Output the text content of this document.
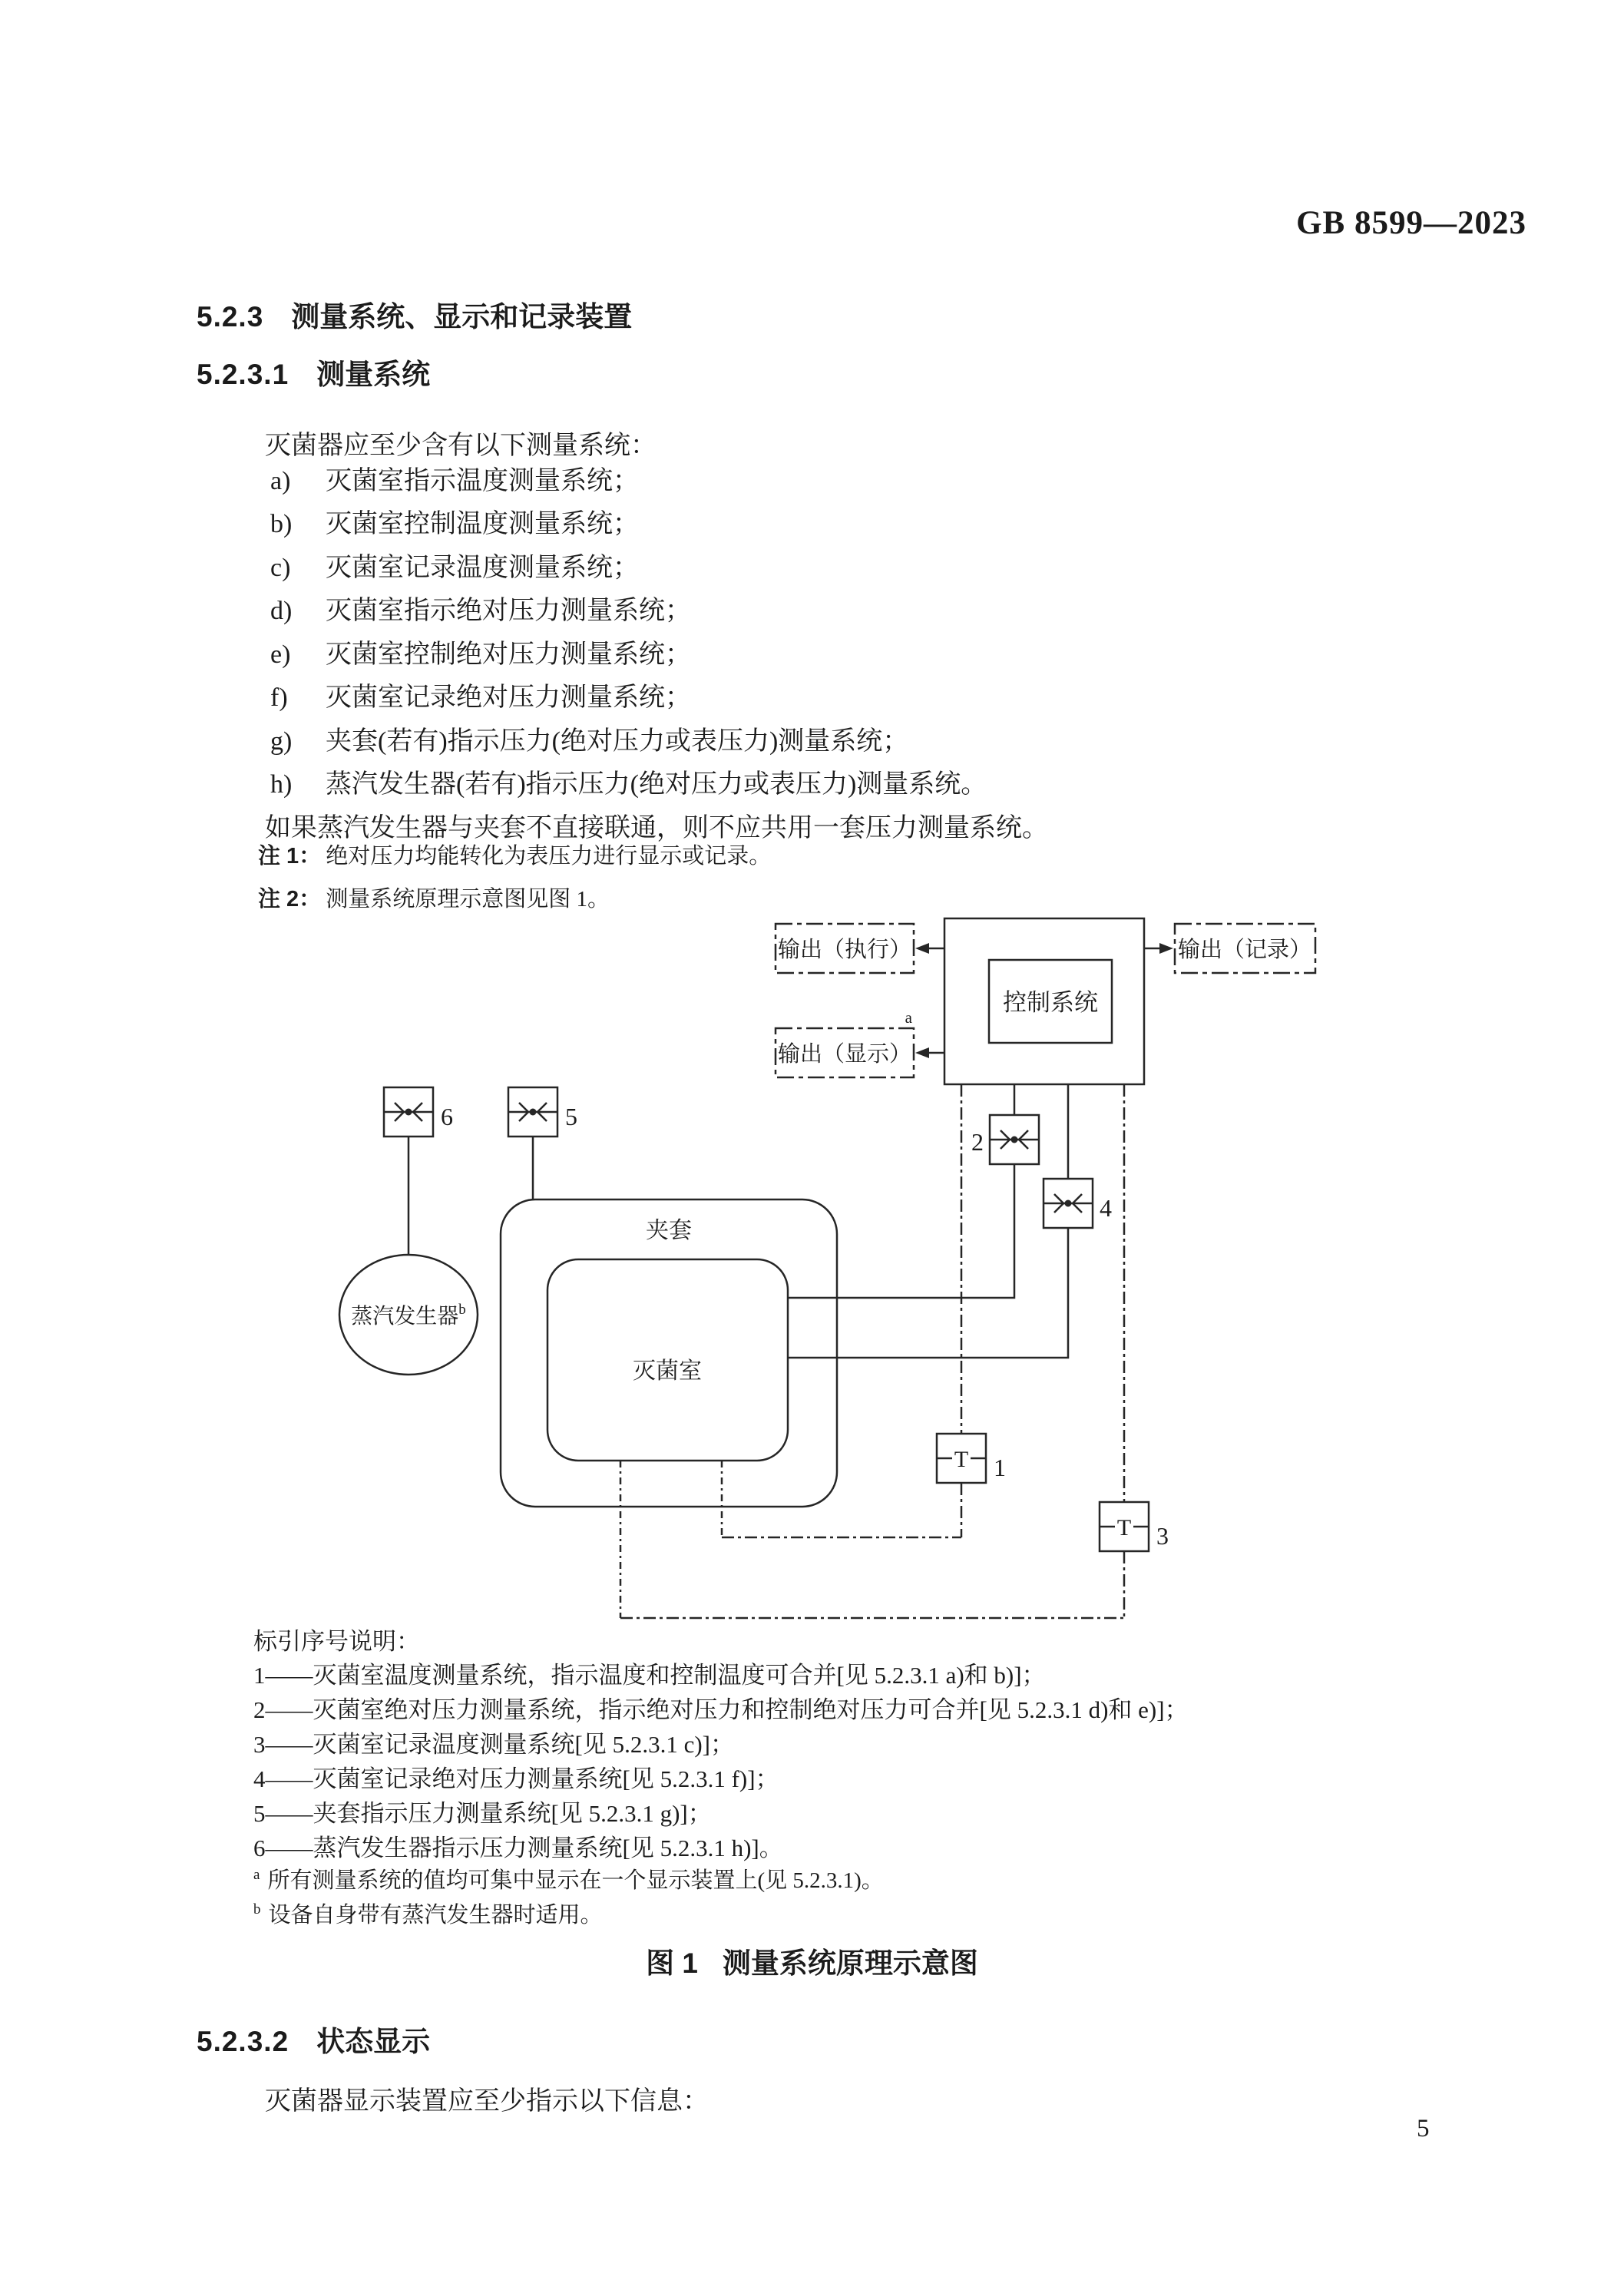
GB 8599—2023
5.2.3 测量系统、显示和记录装置
5.2.3.1 测量系统
灭菌器应至少含有以下测量系统：
a) 灭菌室指示温度测量系统；
b) 灭菌室控制温度测量系统；
c) 灭菌室记录温度测量系统；
d) 灭菌室指示绝对压力测量系统；
e) 灭菌室控制绝对压力测量系统；
f) 灭菌室记录绝对压力测量系统；
g) 夹套(若有)指示压力(绝对压力或表压力)测量系统；
h) 蒸汽发生器(若有)指示压力(绝对压力或表压力)测量系统。
如果蒸汽发生器与夹套不直接联通，则不应共用一套压力测量系统。
注 1： 绝对压力均能转化为表压力进行显示或记录。
注 2： 测量系统原理示意图见图 1。
控制系统
输出（执行）	输出（记录）
输出（显示）
a
2
4
5
6
夹套
灭菌室
蒸汽发生器$^b$
T 1
T 3
标引序号说明：
1——灭菌室温度测量系统，指示温度和控制温度可合并[见 5.2.3.1 a)和 b)]；
2——灭菌室绝对压力测量系统，指示绝对压力和控制绝对压力可合并[见 5.2.3.1 d)和 e)]；
3——灭菌室记录温度测量系统[见 5.2.3.1 c)]；
4——灭菌室记录绝对压力测量系统[见 5.2.3.1 f)]；
5——夹套指示压力测量系统[见 5.2.3.1 g)]；
6——蒸汽发生器指示压力测量系统[见 5.2.3.1 h)]。
$^a$ 所有测量系统的值均可集中显示在一个显示装置上(见 5.2.3.1)。
$^b$ 设备自身带有蒸汽发生器时适用。
图 1 测量系统原理示意图
5.2.3.2 状态显示
灭菌器显示装置应至少指示以下信息：
5
